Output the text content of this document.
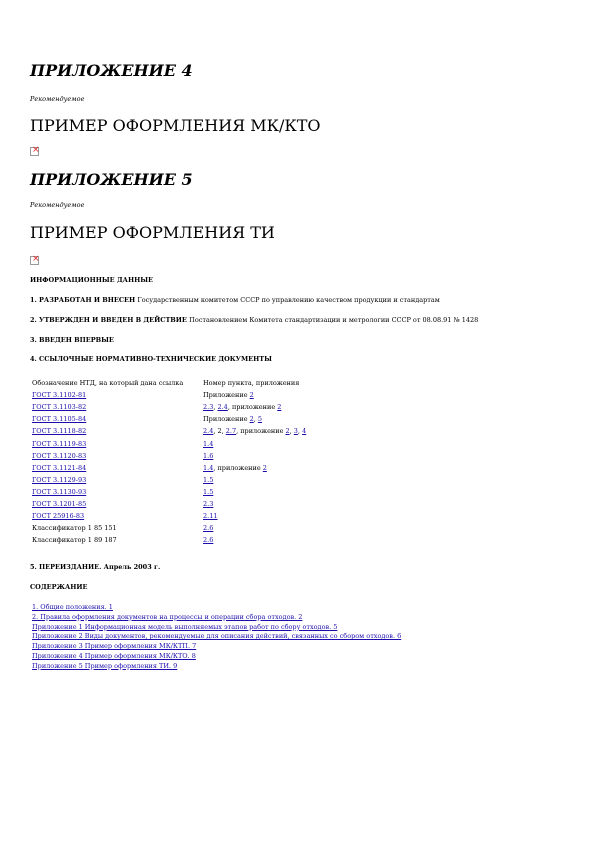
ПРИЛОЖЕНИЕ 4
Рекомендуемое
ПРИМЕР ОФОРМЛЕНИЯ МК/КТО
×
ПРИЛОЖЕНИЕ 5
Рекомендуемое
ПРИМЕР ОФОРМЛЕНИЯ ТИ
×
ИНФОРМАЦИОННЫЕ ДАННЫЕ
1. РАЗРАБОТАН И ВНЕСЕН Государственным комитетом СССР по управлению качеством продукции и стандартам
2. УТВЕРЖДЕН И ВВЕДЕН В ДЕЙСТВИЕ Постановлением Комитета стандартизации и метрологии СССР от 08.08.91 № 1428
3. ВВЕДЕН ВПЕРВЫЕ
4. ССЫЛОЧНЫЕ НОРМАТИВНО-ТЕХНИЧЕСКИЕ ДОКУМЕНТЫ
Обозначение НТД, на который дана ссылка	Номер пункта, приложения
ГОСТ 3.1102-81	Приложение 2
ГОСТ 3.1103-82	2.3, 2.4, приложение 2
ГОСТ 3.1105-84	Приложение 2, 5
ГОСТ 3.1118-82	2.4, 2, 2.7, приложение 2, 3, 4
ГОСТ 3.1119-83	1.4
ГОСТ 3.1120-83	1.6
ГОСТ 3.1121-84	1.4, приложение 2
ГОСТ 3.1129-93	1.5
ГОСТ 3.1130-93	1.5
ГОСТ 3.1201-85	2.3
ГОСТ 25916-83	2.11
Классификатор 1 85 151	2.6
Классификатор 1 89 187	2.6
5. ПЕРЕИЗДАНИЕ. Апрель 2003 г.
СОДЕРЖАНИЕ
1. Общие положения. 1
2. Правила оформления документов на процессы и операции сбора отходов. 2
Приложение 1 Информационная модель выполняемых этапов работ по сбору отходов. 5
Приложение 2 Виды документов, рекомендуемые для описания действий, связанных со сбором отходов. 6
Приложение 3 Пример оформления МК/КТП. 7
Приложение 4 Пример оформления МК/КТО. 8
Приложение 5 Пример оформления ТИ. 9
